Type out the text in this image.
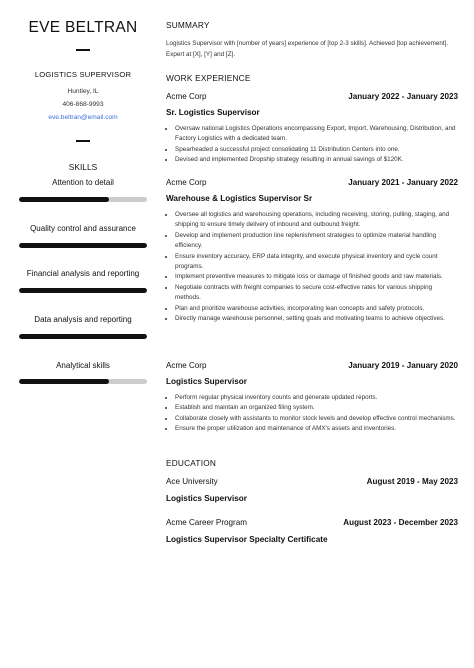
EVE BELTRAN
LOGISTICS SUPERVISOR
Huntley, IL
406-868-9993
eve.beltran@email.com
SKILLS
Attention to detail
Quality control and assurance
Financial analysis and reporting
Data analysis and reporting
Analytical skills
SUMMARY
Logistics Supervisor with [number of years] experience of [top 2-3 skills]. Achieved [top achievement]. Expert at [X], [Y] and [Z].
WORK EXPERIENCE
Acme Corp	January 2022 - January 2023
Sr. Logistics Supervisor
• Oversaw national Logistics Operations encompassing Export, Import, Warehousing, Distribution, and Factory Logistics with a dedicated team.
• Spearheaded a successful project consolidating 11 Distribution Centers into one.
• Devised and implemented Dropship strategy resulting in annual savings of $120K.
Acme Corp	January 2021 - January 2022
Warehouse & Logistics Supervisor Sr
• Oversee all logistics and warehousing operations, including receiving, storing, pulling, staging, and shipping to ensure timely delivery of inbound and outbound freight.
• Develop and implement production line replenishment strategies to optimize material handling efficiency.
• Ensure inventory accuracy, ERP data integrity, and execute physical inventory and cycle count programs.
• Implement preventive measures to mitigate loss or damage of finished goods and raw materials.
• Negotiate contracts with freight companies to secure cost-effective rates for various shipping methods.
• Plan and prioritize warehouse activities, incorporating lean concepts and safety protocols.
• Directly manage warehouse personnel, setting goals and motivating teams to achieve objectives.
Acme Corp	January 2019 - January 2020
Logistics Supervisor
• Perform regular physical inventory counts and generate updated reports.
• Establish and maintain an organized filing system.
• Collaborate closely with assistants to monitor stock levels and develop effective control mechanisms.
• Ensure the proper utilization and maintenance of AMX's assets and inventories.
EDUCATION
Ace University	August 2019 - May 2023
Logistics Supervisor
Acme Career Program	August 2023 - December 2023
Logistics Supervisor Specialty Certificate
